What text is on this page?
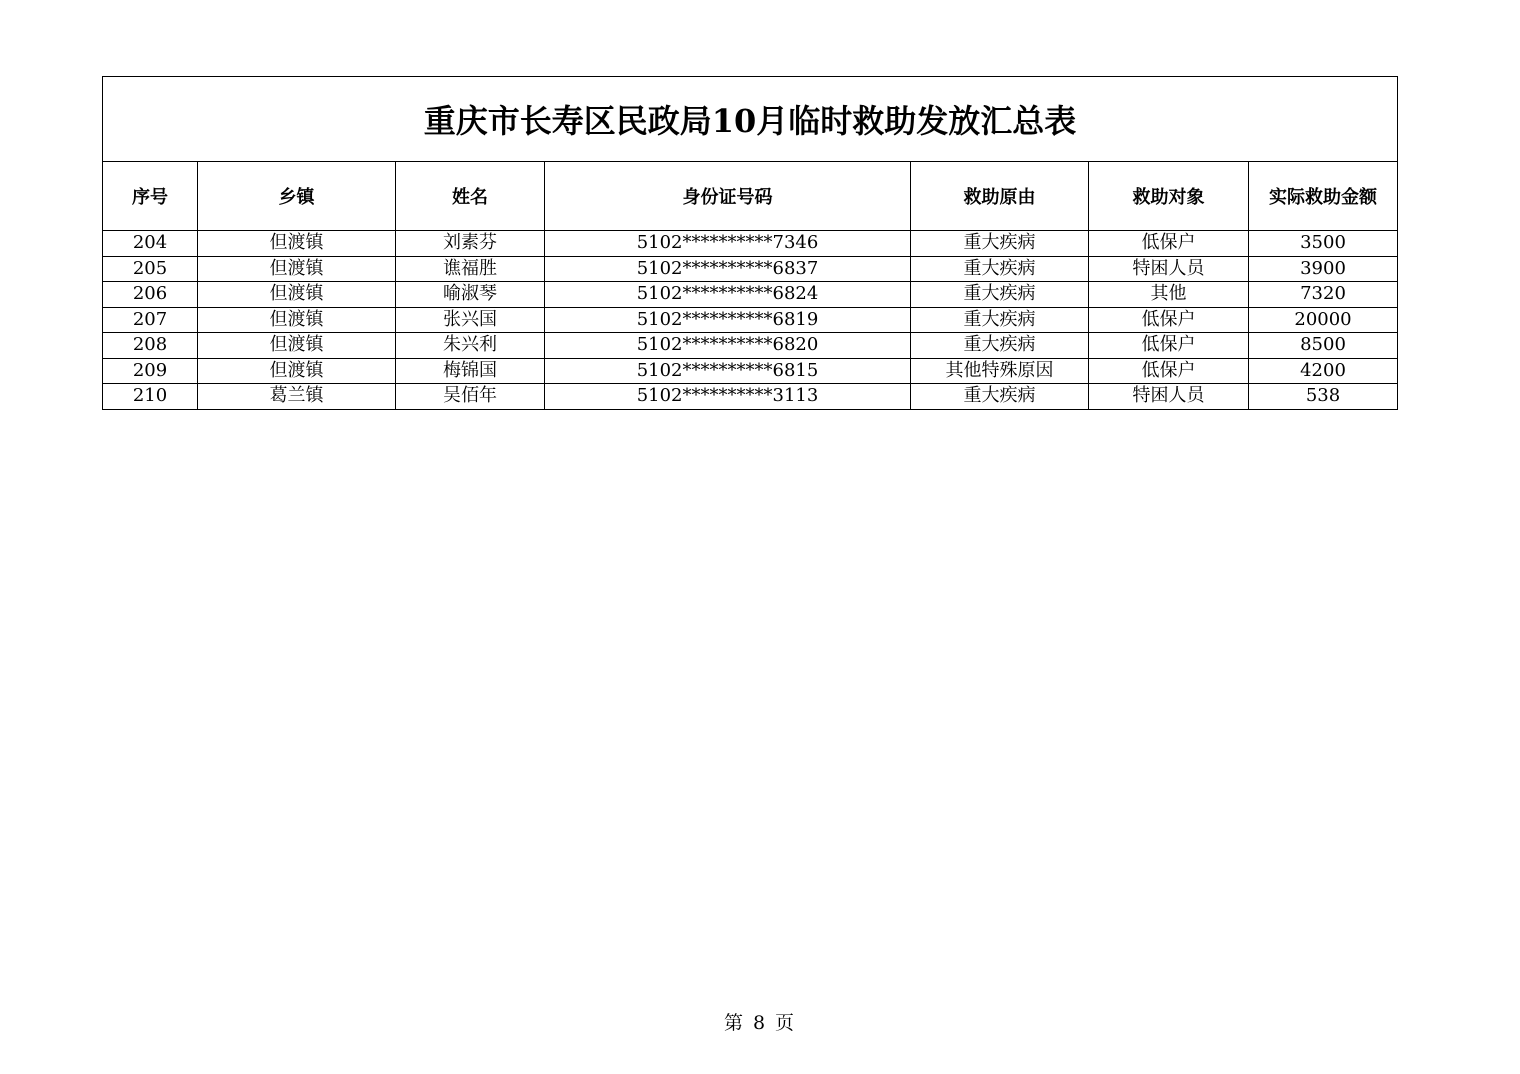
重庆市长寿区民政局10月临时救助发放汇总表						
序号	乡镇	姓名	身份证号码	救助原由	救助对象	实际救助金额
204	但渡镇	刘素芬	5102**********7346	重大疾病	低保户	3500
205	但渡镇	谯福胜	5102**********6837	重大疾病	特困人员	3900
206	但渡镇	喻淑琴	5102**********6824	重大疾病	其他	7320
207	但渡镇	张兴国	5102**********6819	重大疾病	低保户	20000
208	但渡镇	朱兴利	5102**********6820	重大疾病	低保户	8500
209	但渡镇	梅锦国	5102**********6815	其他特殊原因	低保户	4200
210	葛兰镇	吴佰年	5102**********3113	重大疾病	特困人员	538
第 8 页
